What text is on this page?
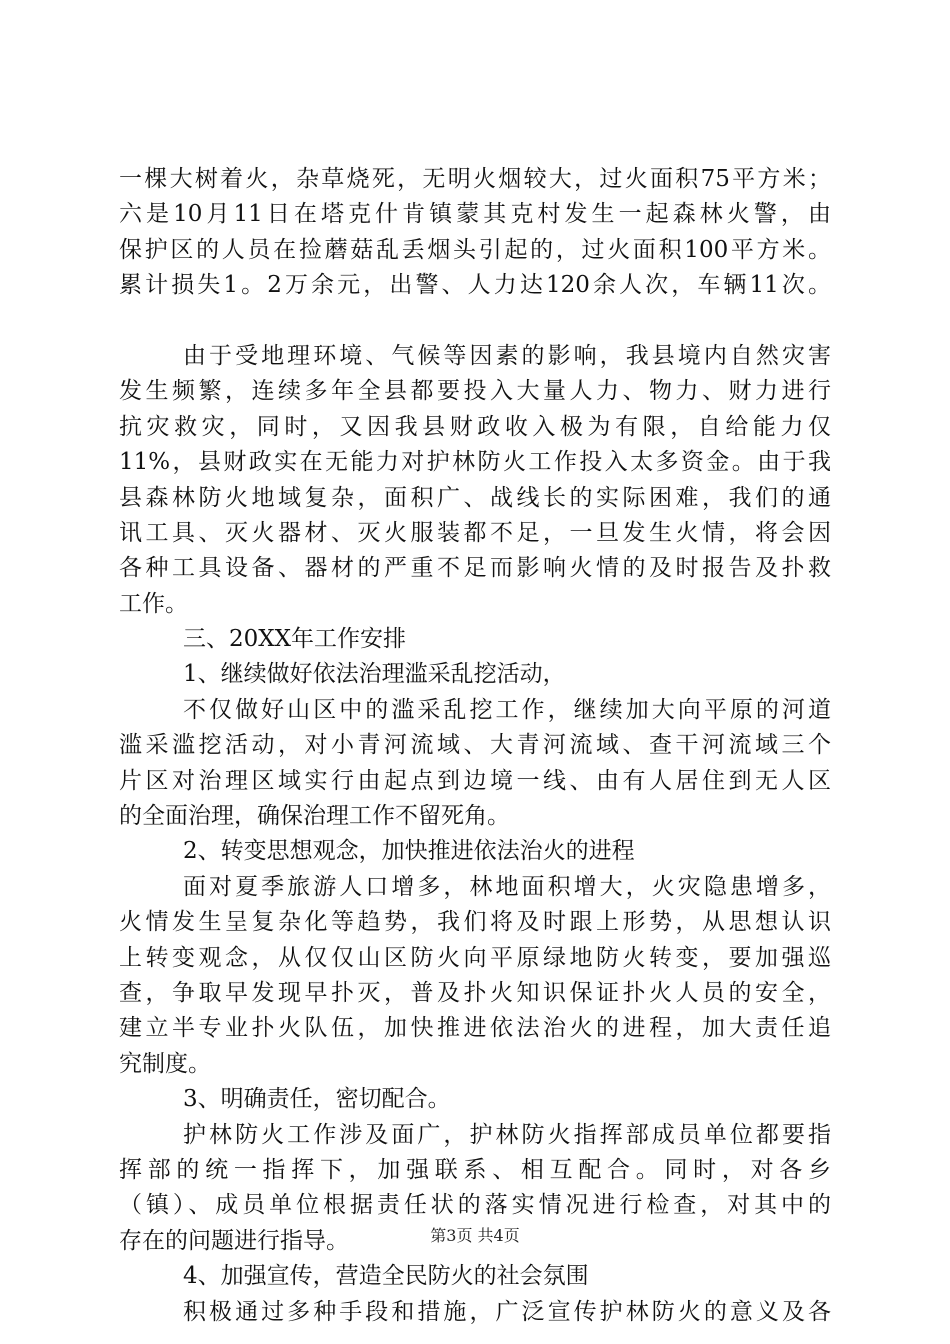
一棵大树着火，杂草烧死，无明火烟较大，过火面积75平方米；
六是10月11日在塔克什肯镇蒙其克村发生一起森林火警，由
保护区的人员在捡蘑菇乱丢烟头引起的，过火面积100平方米。
累计损失1。2万余元，出警、人力达120余人次，车辆11次。
由于受地理环境、气候等因素的影响，我县境内自然灾害
发生频繁，连续多年全县都要投入大量人力、物力、财力进行
抗灾救灾，同时，又因我县财政收入极为有限，自给能力仅
11%，县财政实在无能力对护林防火工作投入太多资金。由于我
县森林防火地域复杂，面积广、战线长的实际困难，我们的通
讯工具、灭火器材、灭火服装都不足，一旦发生火情，将会因
各种工具设备、器材的严重不足而影响火情的及时报告及扑救
工作。
三、20XX年工作安排
1、继续做好依法治理滥采乱挖活动，
不仅做好山区中的滥采乱挖工作，继续加大向平原的河道
滥采滥挖活动，对小青河流域、大青河流域、查干河流域三个
片区对治理区域实行由起点到边境一线、由有人居住到无人区
的全面治理，确保治理工作不留死角。
2、转变思想观念，加快推进依法治火的进程
面对夏季旅游人口增多，林地面积增大，火灾隐患增多，
火情发生呈复杂化等趋势，我们将及时跟上形势，从思想认识
上转变观念，从仅仅山区防火向平原绿地防火转变，要加强巡
查，争取早发现早扑灭，普及扑火知识保证扑火人员的安全，
建立半专业扑火队伍，加快推进依法治火的进程，加大责任追
究制度。
3、明确责任，密切配合。
护林防火工作涉及面广，护林防火指挥部成员单位都要指
挥部的统一指挥下，加强联系、相互配合。同时，对各乡
（镇）、成员单位根据责任状的落实情况进行检查，对其中的
存在的问题进行指导。
4、加强宣传，营造全民防火的社会氛围
积极通过多种手段和措施，广泛宣传护林防火的意义及各
第3页 共4页
